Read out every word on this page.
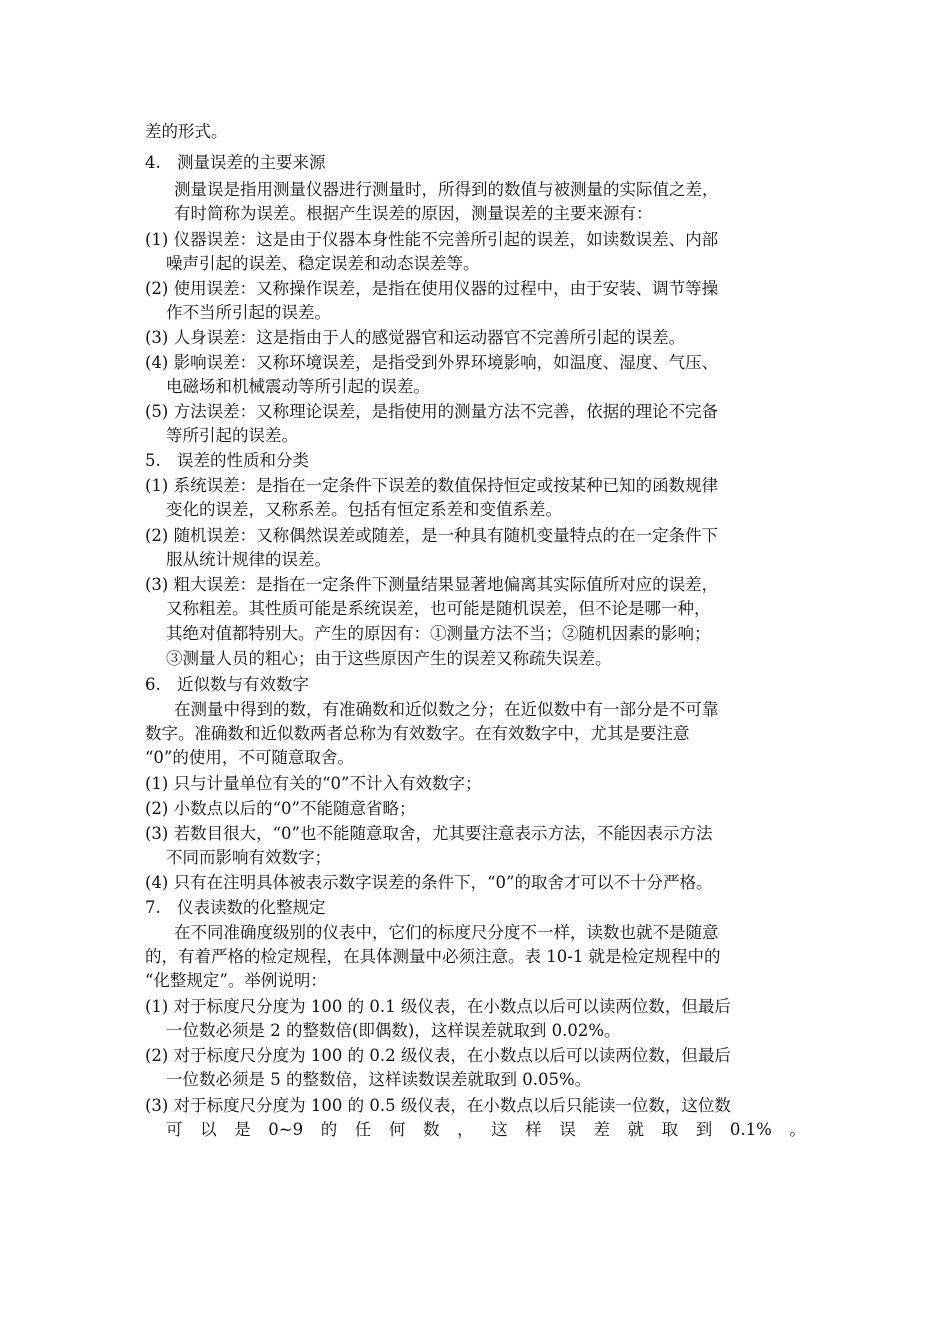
差的形式。
4. 测量误差的主要来源
测量误是指用测量仪器进行测量时，所得到的数值与被测量的实际值之差，
有时简称为误差。根据产生误差的原因，测量误差的主要来源有：
(1) 仪器误差：这是由于仪器本身性能不完善所引起的误差，如读数误差、内部
噪声引起的误差、稳定误差和动态误差等。
(2) 使用误差：又称操作误差，是指在使用仪器的过程中，由于安装、调节等操
作不当所引起的误差。
(3) 人身误差：这是指由于人的感觉器官和运动器官不完善所引起的误差。
(4) 影响误差：又称环境误差，是指受到外界环境影响，如温度、湿度、气压、
电磁场和机械震动等所引起的误差。
(5) 方法误差：又称理论误差，是指使用的测量方法不完善，依据的理论不完备
等所引起的误差。
5. 误差的性质和分类
(1) 系统误差：是指在一定条件下误差的数值保持恒定或按某种已知的函数规律
变化的误差，又称系差。包括有恒定系差和变值系差。
(2) 随机误差：又称偶然误差或随差，是一种具有随机变量特点的在一定条件下
服从统计规律的误差。
(3) 粗大误差：是指在一定条件下测量结果显著地偏离其实际值所对应的误差，
又称粗差。其性质可能是系统误差，也可能是随机误差，但不论是哪一种，
其绝对值都特别大。产生的原因有：①测量方法不当；②随机因素的影响；
③测量人员的粗心；由于这些原因产生的误差又称疏失误差。
6. 近似数与有效数字
在测量中得到的数，有准确数和近似数之分；在近似数中有一部分是不可靠
数字。准确数和近似数两者总称为有效数字。在有效数字中，尤其是要注意
“0”的使用，不可随意取舍。
(1) 只与计量单位有关的“0”不计入有效数字；
(2) 小数点以后的“0”不能随意省略；
(3) 若数目很大，“0”也不能随意取舍，尤其要注意表示方法，不能因表示方法
不同而影响有效数字；
(4) 只有在注明具体被表示数字误差的条件下，“0”的取舍才可以不十分严格。
7. 仪表读数的化整规定
在不同准确度级别的仪表中，它们的标度尺分度不一样，读数也就不是随意
的，有着严格的检定规程，在具体测量中必须注意。表 10-1 就是检定规程中的
“化整规定”。举例说明：
(1) 对于标度尺分度为 100 的 0.1 级仪表，在小数点以后可以读两位数，但最后
一位数必须是 2 的整数倍(即偶数)，这样误差就取到 0.02%。
(2) 对于标度尺分度为 100 的 0.2 级仪表，在小数点以后可以读两位数，但最后
一位数必须是 5 的整数倍，这样读数误差就取到 0.05%。
(3) 对于标度尺分度为 100 的 0.5 级仪表，在小数点以后只能读一位数，这位数
可 以 是 0~9 的 任 何 数 ， 这 样 误 差 就 取 到 0.1% 。
